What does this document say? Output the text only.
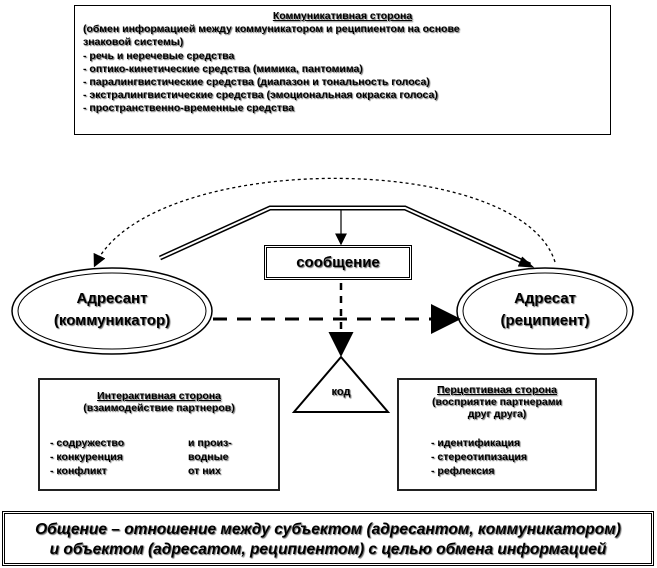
Коммуникативная сторона
(обмен информацией между коммуникатором и реципиентом на основе
знаковой системы)
- речь и неречевые средства
- оптико-кинетические средства (мимика, пантомима)
- паралингвистические средства (диапазон и тональность голоса)
- экстралингвистические средства (эмоциональная окраска голоса)
- пространственно-временные средства
сообщение
Адресант
(коммуникатор)
Адресат
(реципиент)
код
Интерактивная сторона
(взаимодействие партнеров)
- содружество
- конкуренция
- конфликт
и произ-
водные
от них
Перцептивная сторона
(восприятие партнерами
друг друга)
- идентификация
- стереотипизация
- рефлексия
Общение – отношение между субъектом (адресантом, коммуникатором)
и объектом (адресатом, реципиентом) с целью обмена информацией
